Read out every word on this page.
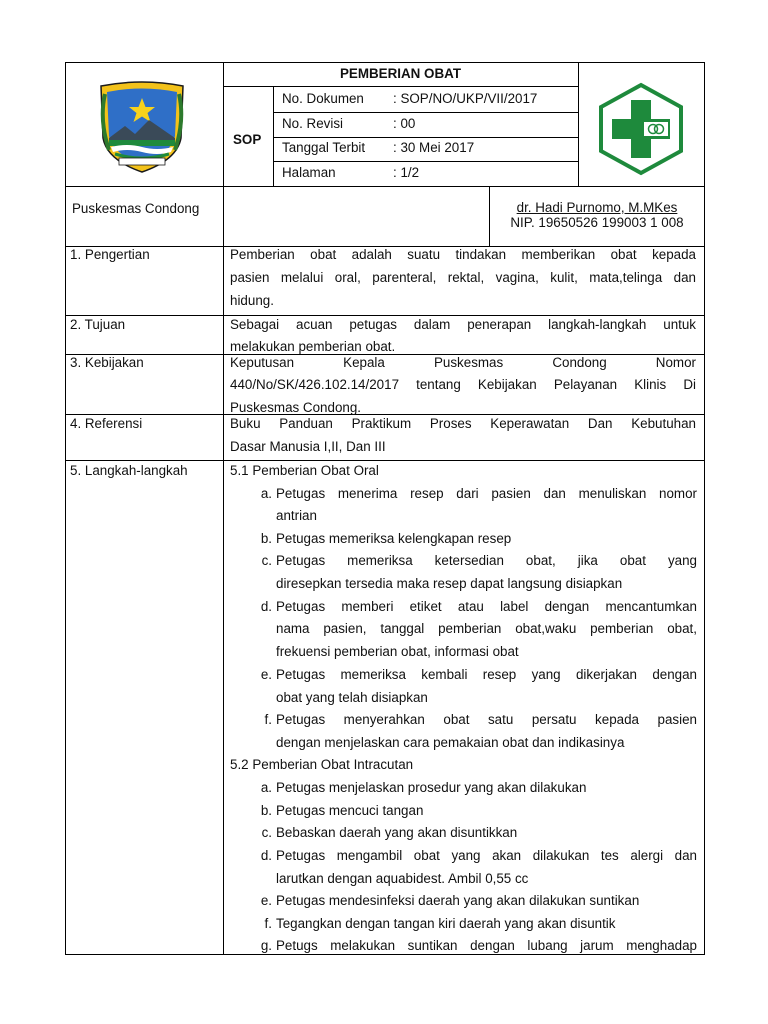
PEMBERIAN OBAT
SOP
No. Dokumen : SOP/NO/UKP/VII/2017
No. Revisi	: 00
Tanggal Terbit : 30 Mei 2017
Halaman	: 1/2
Puskesmas Condong	dr. Hadi Purnomo, M.MKes
NIP. 19650526 199003 1 008
1. Pengertian	Pemberian obat adalah suatu tindakan memberikan obat kepada
pasien melalui oral, parenteral, rektal, vagina, kulit, mata,telinga dan
hidung.
2. Tujuan	Sebagai acuan petugas dalam penerapan langkah-langkah untuk
melakukan pemberian obat.
3. Kebijakan	Keputusan Kepala Puskesmas Condong Nomor
440/No/SK/426.102.14/2017 tentang Kebijakan Pelayanan Klinis Di
Puskesmas Condong.
4. Referensi	Buku Panduan Praktikum Proses Keperawatan Dan Kebutuhan
Dasar Manusia I,II, Dan III
5. Langkah-langkah	5.1 Pemberian Obat Oral
a. Petugas menerima resep dari pasien dan menuliskan nomor
antrian
b. Petugas memeriksa kelengkapan resep
c. Petugas memeriksa ketersedian obat, jika obat yang
diresepkan tersedia maka resep dapat langsung disiapkan
d. Petugas memberi etiket atau label dengan mencantumkan
nama pasien, tanggal pemberian obat,waku pemberian obat,
frekuensi pemberian obat, informasi obat
e. Petugas memeriksa kembali resep yang dikerjakan dengan
obat yang telah disiapkan
f. Petugas menyerahkan obat satu persatu kepada pasien
dengan menjelaskan cara pemakaian obat dan indikasinya
5.2 Pemberian Obat Intracutan
a. Petugas menjelaskan prosedur yang akan dilakukan
b. Petugas mencuci tangan
c. Bebaskan daerah yang akan disuntikkan
d. Petugas mengambil obat yang akan dilakukan tes alergi dan
larutkan dengan aquabidest. Ambil 0,55 cc
e. Petugas mendesinfeksi daerah yang akan dilakukan suntikan
f. Tegangkan dengan tangan kiri daerah yang akan disuntik
g. Petugs melakukan suntikan dengan lubang jarum menghadap
